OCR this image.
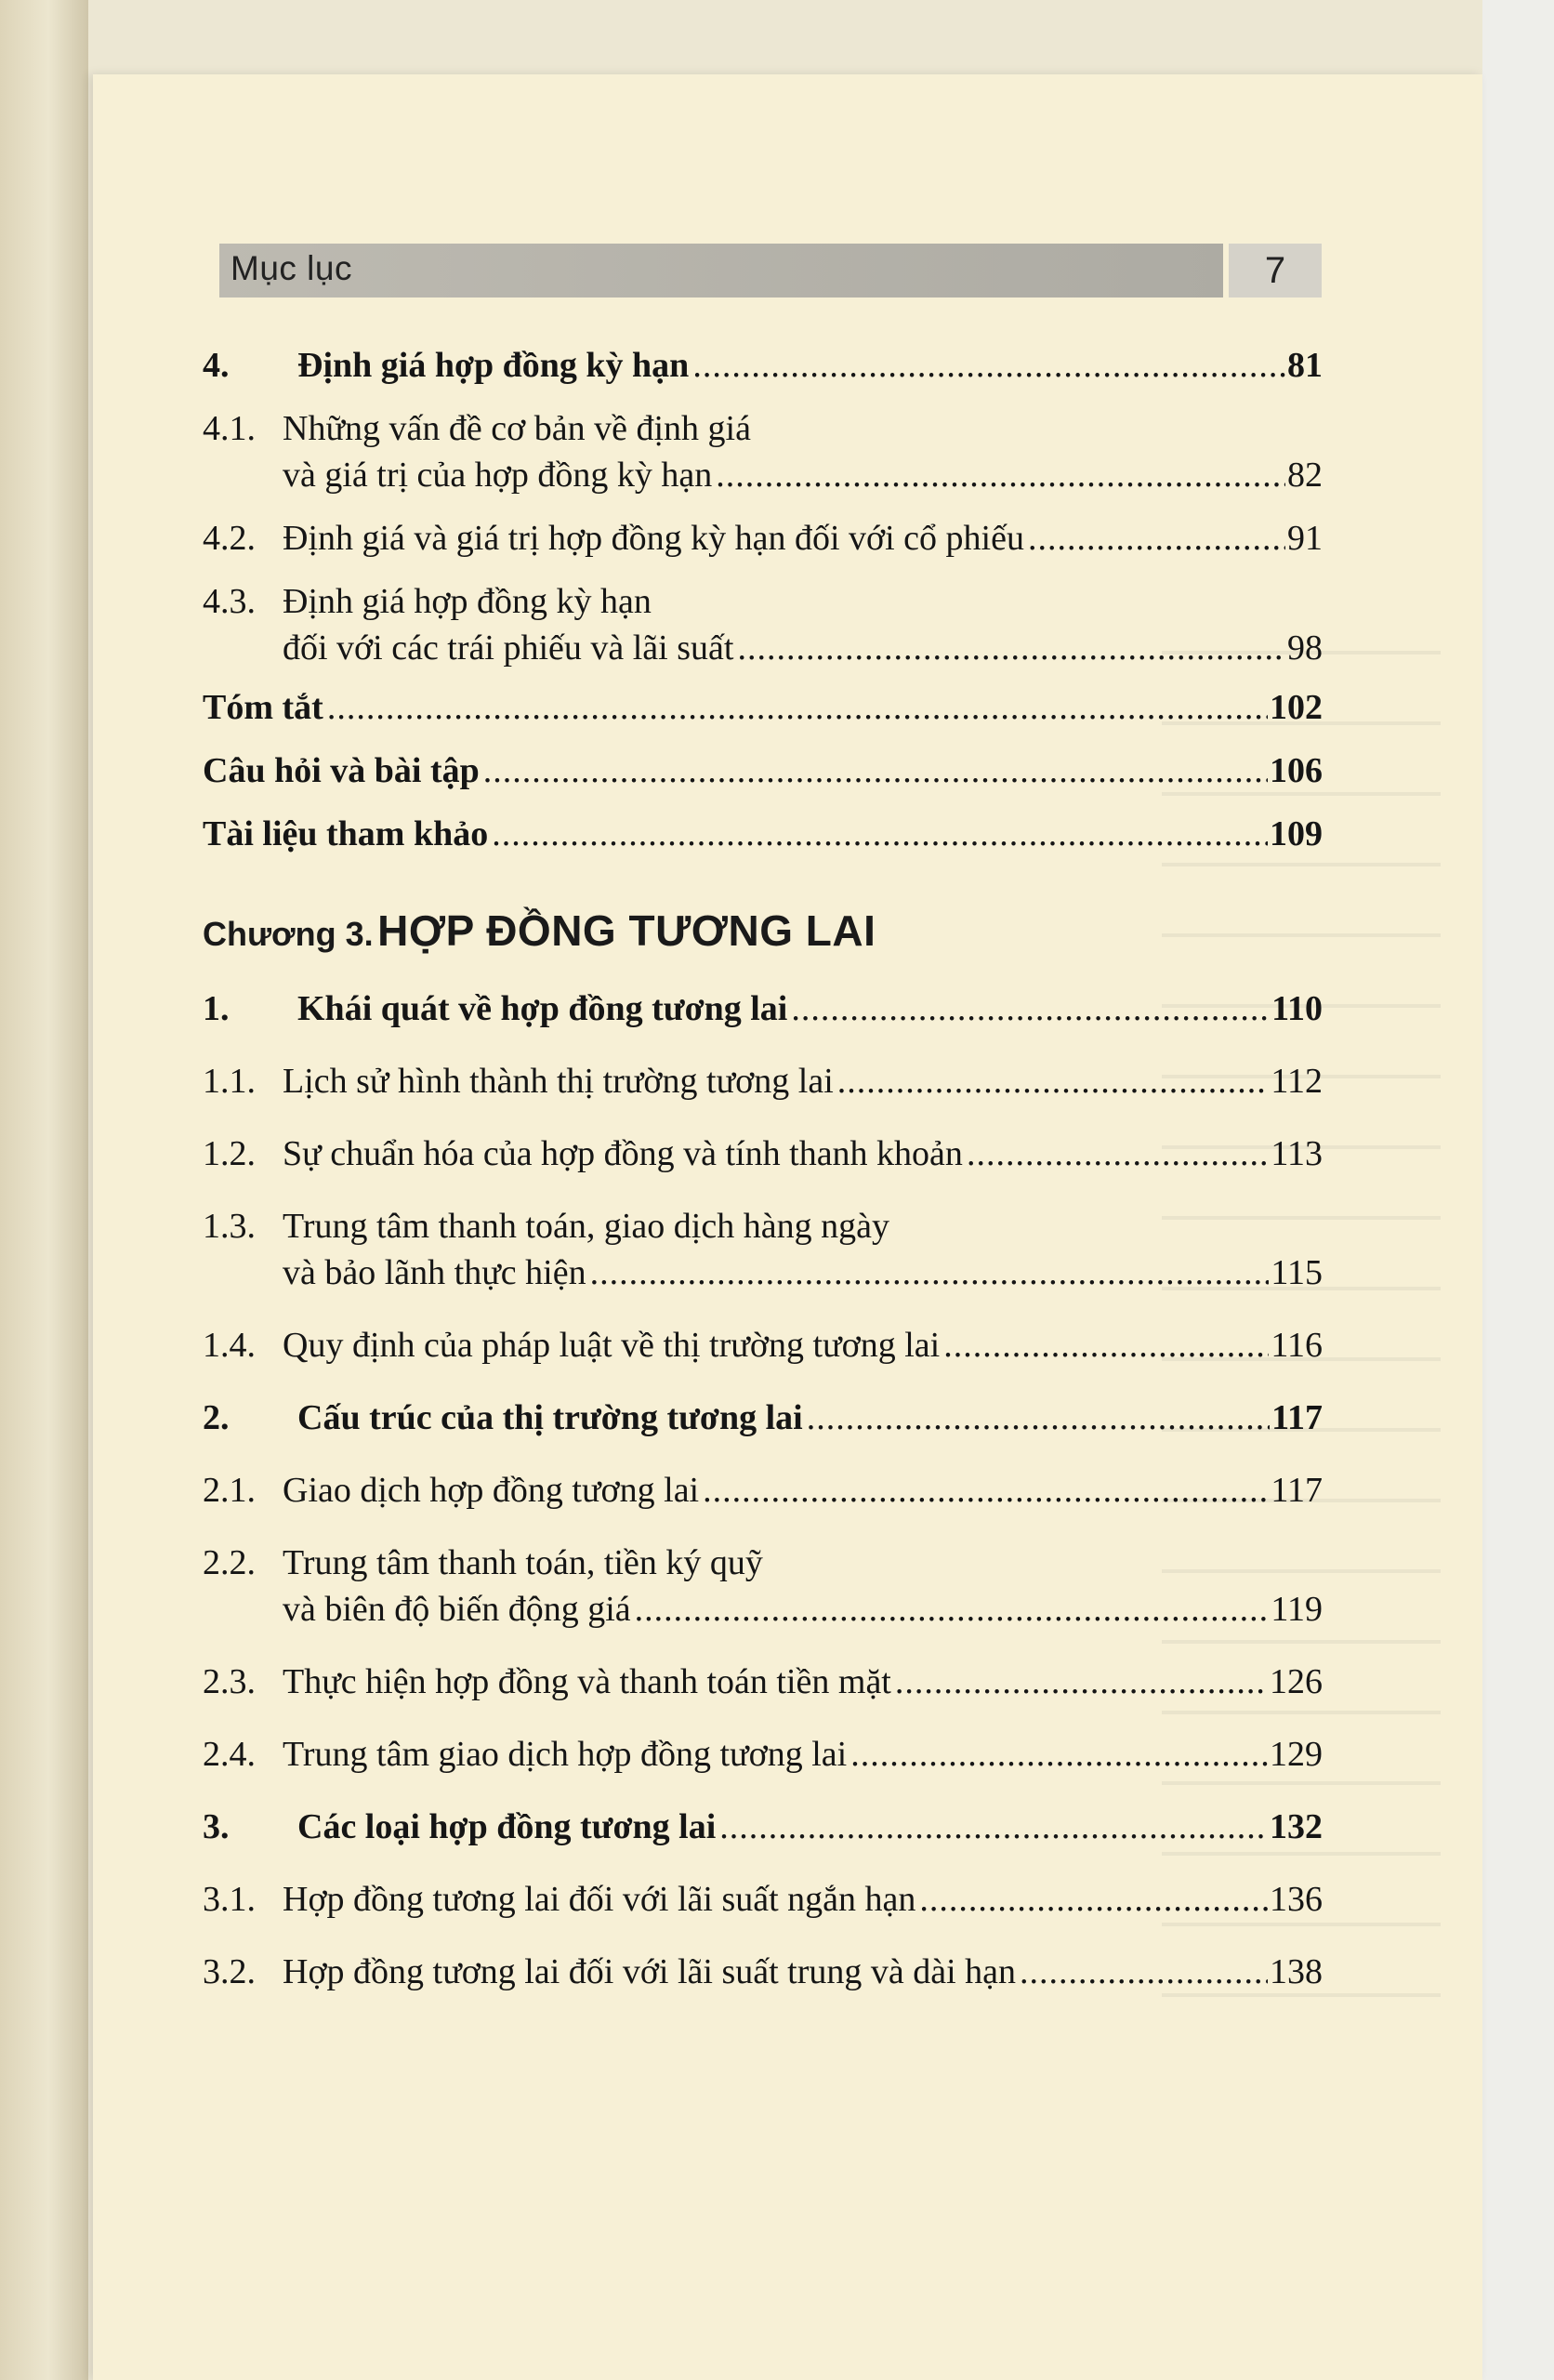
Mục lục	7
4.	Định giá hợp đồng kỳ hạn .....	81
4.1. Những vấn đề cơ bản về định giá
và giá trị của hợp đồng kỳ hạn .....	82
4.2. Định giá và giá trị hợp đồng kỳ hạn đối với cổ phiếu .....	91
4.3. Định giá hợp đồng kỳ hạn
đối với các trái phiếu và lãi suất .....	98
Tóm tắt .....	102
Câu hỏi và bài tập .....	106
Tài liệu tham khảo .....	109
Chương 3. HỢP ĐỒNG TƯƠNG LAI
1.	Khái quát về hợp đồng tương lai .....	110
1.1. Lịch sử hình thành thị trường tương lai .....	112
1.2. Sự chuẩn hóa của hợp đồng và tính thanh khoản .....	113
1.3. Trung tâm thanh toán, giao dịch hàng ngày
và bảo lãnh thực hiện .....	115
1.4. Quy định của pháp luật về thị trường tương lai .....	116
2.	Cấu trúc của thị trường tương lai .....	117
2.1. Giao dịch hợp đồng tương lai .....	117
2.2. Trung tâm thanh toán, tiền ký quỹ
và biên độ biến động giá .....	119
2.3. Thực hiện hợp đồng và thanh toán tiền mặt .....	126
2.4. Trung tâm giao dịch hợp đồng tương lai .....	129
3.	Các loại hợp đồng tương lai .....	132
3.1. Hợp đồng tương lai đối với lãi suất ngắn hạn .....	136
3.2. Hợp đồng tương lai đối với lãi suất trung và dài hạn .....	138
